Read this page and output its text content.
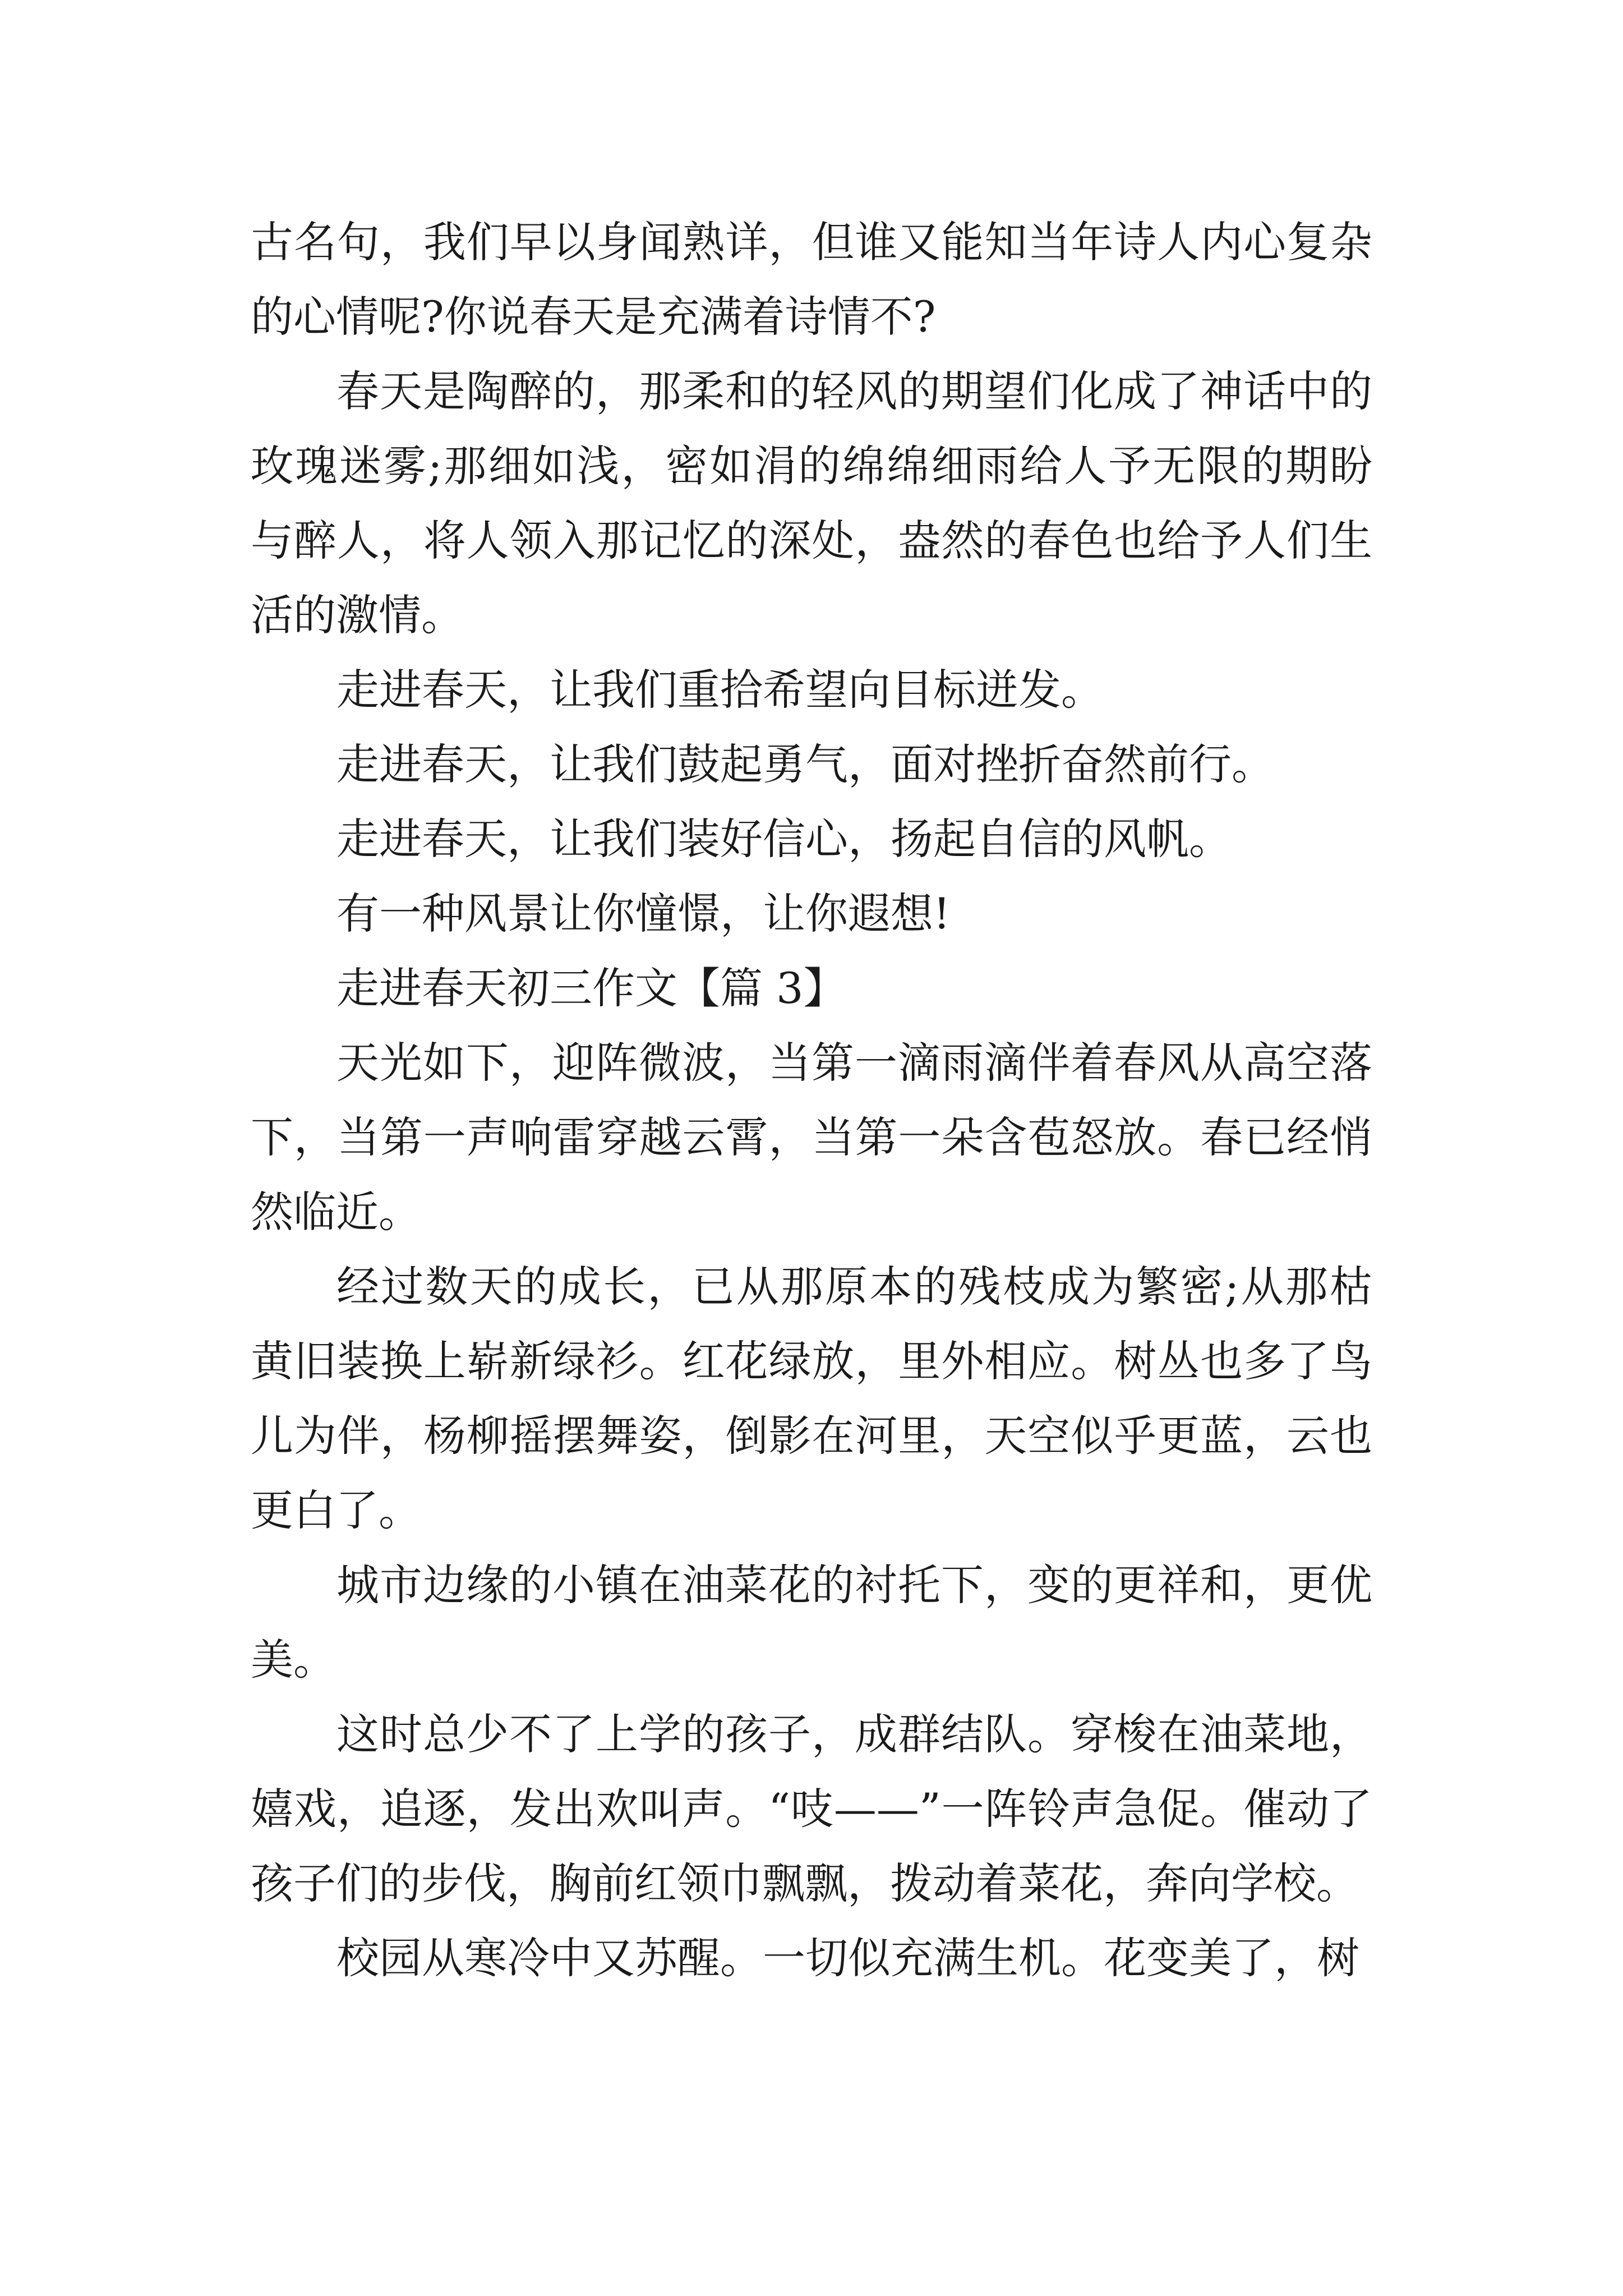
古名句，我们早以身闻熟详，但谁又能知当年诗人内心复杂的心情呢?你说春天是充满着诗情不?

春天是陶醉的，那柔和的轻风的期望们化成了神话中的玫瑰迷雾;那细如浅，密如涓的绵绵细雨给人予无限的期盼与醉人，将人领入那记忆的深处，盎然的春色也给予人们生活的激情。

走进春天，让我们重拾希望向目标迸发。

走进春天，让我们鼓起勇气，面对挫折奋然前行。

走进春天，让我们装好信心，扬起自信的风帆。

有一种风景让你憧憬，让你遐想!

走进春天初三作文【篇 3】

天光如下，迎阵微波，当第一滴雨滴伴着春风从高空落下，当第一声响雷穿越云霄，当第一朵含苞怒放。春已经悄然临近。

经过数天的成长，已从那原本的残枝成为繁密;从那枯黄旧装换上崭新绿衫。红花绿放，里外相应。树丛也多了鸟儿为伴，杨柳摇摆舞姿，倒影在河里，天空似乎更蓝，云也更白了。

城市边缘的小镇在油菜花的衬托下，变的更祥和，更优美。

这时总少不了上学的孩子，成群结队。穿梭在油菜地，嬉戏，追逐，发出欢叫声。“吱——”一阵铃声急促。催动了孩子们的步伐，胸前红领巾飘飘，拨动着菜花，奔向学校。

校园从寒冷中又苏醒。一切似充满生机。花变美了，树
